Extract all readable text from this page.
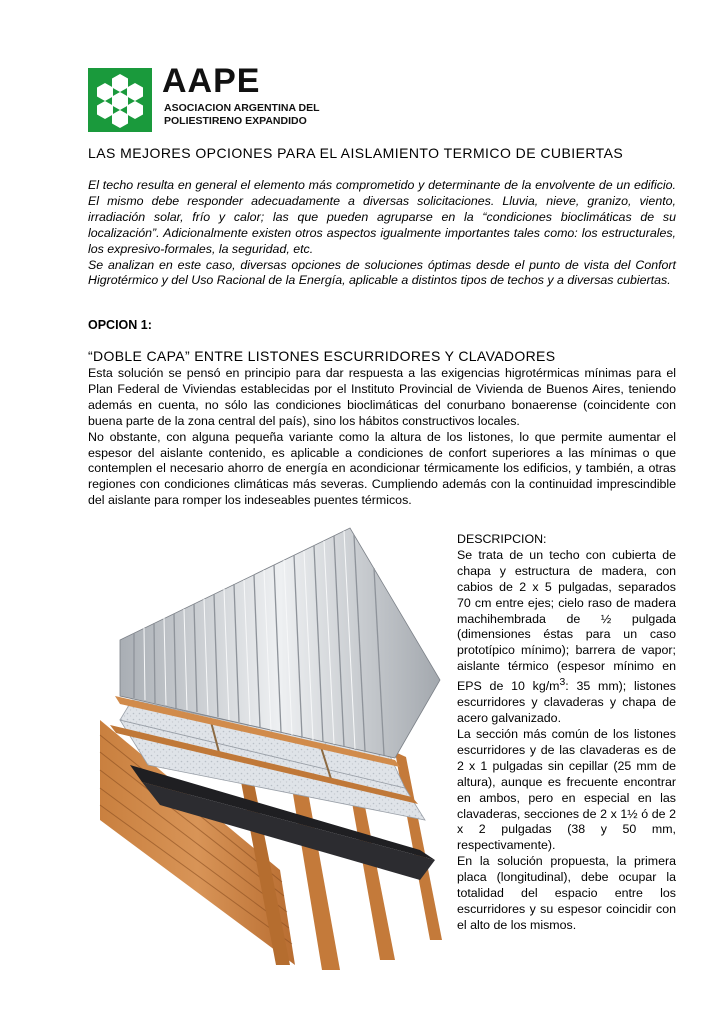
AAPE
ASOCIACION ARGENTINA DEL
POLIESTIRENO EXPANDIDO
LAS MEJORES OPCIONES PARA EL AISLAMIENTO TERMICO DE CUBIERTAS

El techo resulta en general el elemento más comprometido y determinante de la envolvente de un edificio. El mismo debe responder adecuadamente a diversas solicitaciones. Lluvia, nieve, granizo, viento, irradiación solar, frío y calor; las que pueden agruparse en la “condiciones bioclimáticas de su localización”. Adicionalmente existen otros aspectos igualmente importantes tales como: los estructurales, los expresivo-formales, la seguridad, etc.

Se analizan en este caso, diversas opciones de soluciones óptimas desde el punto de vista del Confort Higrotérmico y del Uso Racional de la Energía, aplicable a distintos tipos de techos y a diversas cubiertas.

OPCION 1:
“DOBLE CAPA” ENTRE LISTONES ESCURRIDORES Y CLAVADORES

Esta solución se pensó en principio para dar respuesta a las exigencias higrotérmicas mínimas para el Plan Federal de Viviendas establecidas por el Instituto Provincial de Vivienda de Buenos Aires, teniendo además en cuenta, no sólo las condiciones bioclimáticas del conurbano bonaerense (coincidente con buena parte de la zona central del país), sino los hábitos constructivos locales.

No obstante, con alguna pequeña variante como la altura de los listones, lo que permite aumentar el espesor del aislante contenido, es aplicable a condiciones de confort superiores a las mínimas o que contemplen el necesario ahorro de energía en acondicionar térmicamente los edificios, y también, a otras regiones con condiciones climáticas más severas. Cumpliendo además con la continuidad imprescindible del aislante para romper los indeseables puentes térmicos.

DESCRIPCION:

Se trata de un techo con cubierta de chapa y estructura de madera, con cabios de 2 x 5 pulgadas, separados 70 cm entre ejes; cielo raso de madera machihembrada de ½ pulgada (dimensiones éstas para un caso prototípico mínimo); barrera de vapor; aislante térmico (espesor mínimo en EPS de 10 $kg/m^3$: 35 mm); listones escurridores y clavaderas y chapa de acero galvanizado.

La sección más común de los listones escurridores y de las clavaderas es de 2 x 1 pulgadas sin cepillar (25 mm de altura), aunque es frecuente encontrar en ambos, pero en especial en las clavaderas, secciones de 2 x 1½ ó de 2 x 2 pulgadas (38 y 50 mm, respectivamente).

En la solución propuesta, la primera placa (longitudinal), debe ocupar la totalidad del espacio entre los escurridores y su espesor coincidir con el alto de los mismos.
